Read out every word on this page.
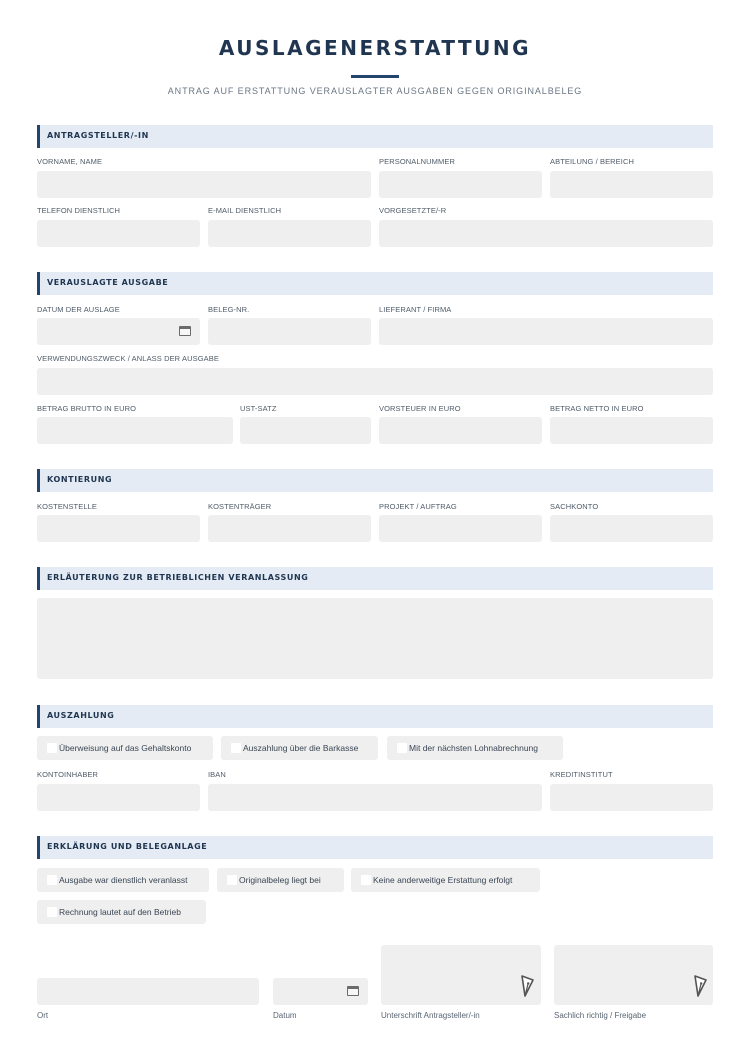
AUSLAGENERSTATTUNG
ANTRAG AUF ERSTATTUNG VERAUSLAGTER AUSGABEN GEGEN ORIGINALBELEG
ANTRAGSTELLER/-IN
VORNAME, NAME	PERSONALNUMMER	ABTEILUNG / BEREICH
TELEFON DIENSTLICH	E-MAIL DIENSTLICH	VORGESETZTE/-R
VERAUSLAGTE AUSGABE
DATUM DER AUSLAGE	BELEG-NR.	LIEFERANT / FIRMA
VERWENDUNGSZWECK / ANLASS DER AUSGABE
BETRAG BRUTTO IN EURO	UST-SATZ	VORSTEUER IN EURO	BETRAG NETTO IN EURO
KONTIERUNG
KOSTENSTELLE	KOSTENTRÄGER	PROJEKT / AUFTRAG	SACHKONTO
ERLÄUTERUNG ZUR BETRIEBLICHEN VERANLASSUNG
AUSZAHLUNG
Überweisung auf das Gehaltskonto	Auszahlung über die Barkasse	Mit der nächsten Lohnabrechnung
KONTOINHABER	IBAN	KREDITINSTITUT
ERKLÄRUNG UND BELEGANLAGE
Ausgabe war dienstlich veranlasst	Originalbeleg liegt bei	Keine anderweitige Erstattung erfolgt
Rechnung lautet auf den Betrieb
Ort	Datum	Unterschrift Antragsteller/-in	Sachlich richtig / Freigabe
